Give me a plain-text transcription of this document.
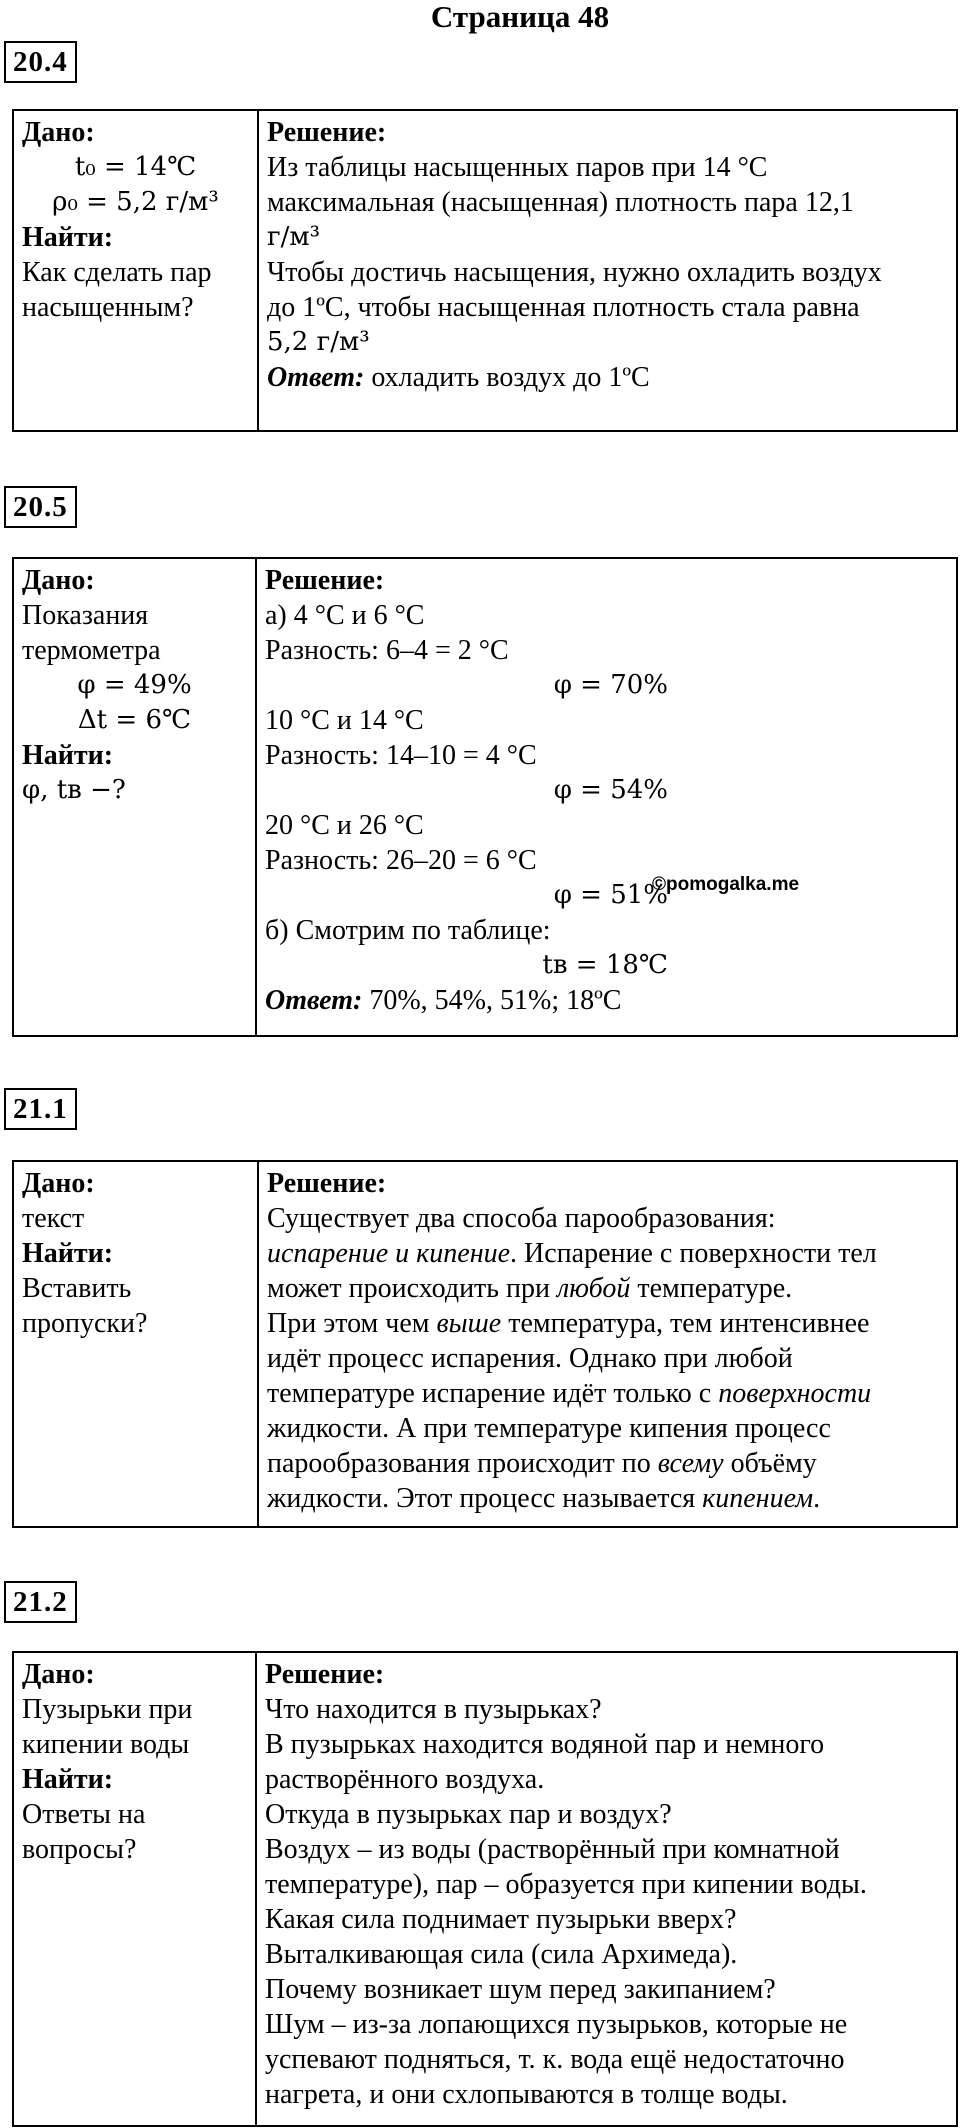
Страница 48
20.4
Дано:
t₀ = 14℃
ρ₀ = 5,2 г/м³
Найти:
Как сделать пар
насыщенным?

Решение:
Из таблицы насыщенных паров при 14 °С
максимальная (насыщенная) плотность пара 12,1
г/м³
Чтобы достичь насыщения, нужно охладить воздух
до 1ºС, чтобы насыщенная плотность стала равна
5,2 г/м³
Ответ: охладить воздух до 1ºС
20.5
Дано:
Показания
термометра
φ = 49%
Δt = 6℃
Найти:
φ, tв −?

Решение:
а) 4 °С и 6 °С
Разность: 6–4 = 2 °С
φ = 70%
10 °С и 14 °С
Разность: 14–10 = 4 °С
φ = 54%
20 °С и 26 °С
Разность: 26–20 = 6 °С
φ = 51%
б) Смотрим по таблице:
tв = 18℃
Ответ: 70%, 54%, 51%; 18ºС
©pomogalka.me
21.1
Дано:
текст
Найти:
Вставить
пропуски?

Решение:
Существует два способа парообразования:
испарение и кипение. Испарение с поверхности тел
может происходить при любой температуре.
При этом чем выше температура, тем интенсивнее
идёт процесс испарения. Однако при любой
температуре испарение идёт только с поверхности
жидкости. А при температуре кипения процесс
парообразования происходит по всему объёму
жидкости. Этот процесс называется кипением.
21.2
Дано:
Пузырьки при
кипении воды
Найти:
Ответы на
вопросы?

Решение:
Что находится в пузырьках?
В пузырьках находится водяной пар и немного
растворённого воздуха.
Откуда в пузырьках пар и воздух?
Воздух – из воды (растворённый при комнатной
температуре), пар – образуется при кипении воды.
Какая сила поднимает пузырьки вверх?
Выталкивающая сила (сила Архимеда).
Почему возникает шум перед закипанием?
Шум – из-за лопающихся пузырьков, которые не
успевают подняться, т. к. вода ещё недостаточно
нагрета, и они схлопываются в толще воды.
